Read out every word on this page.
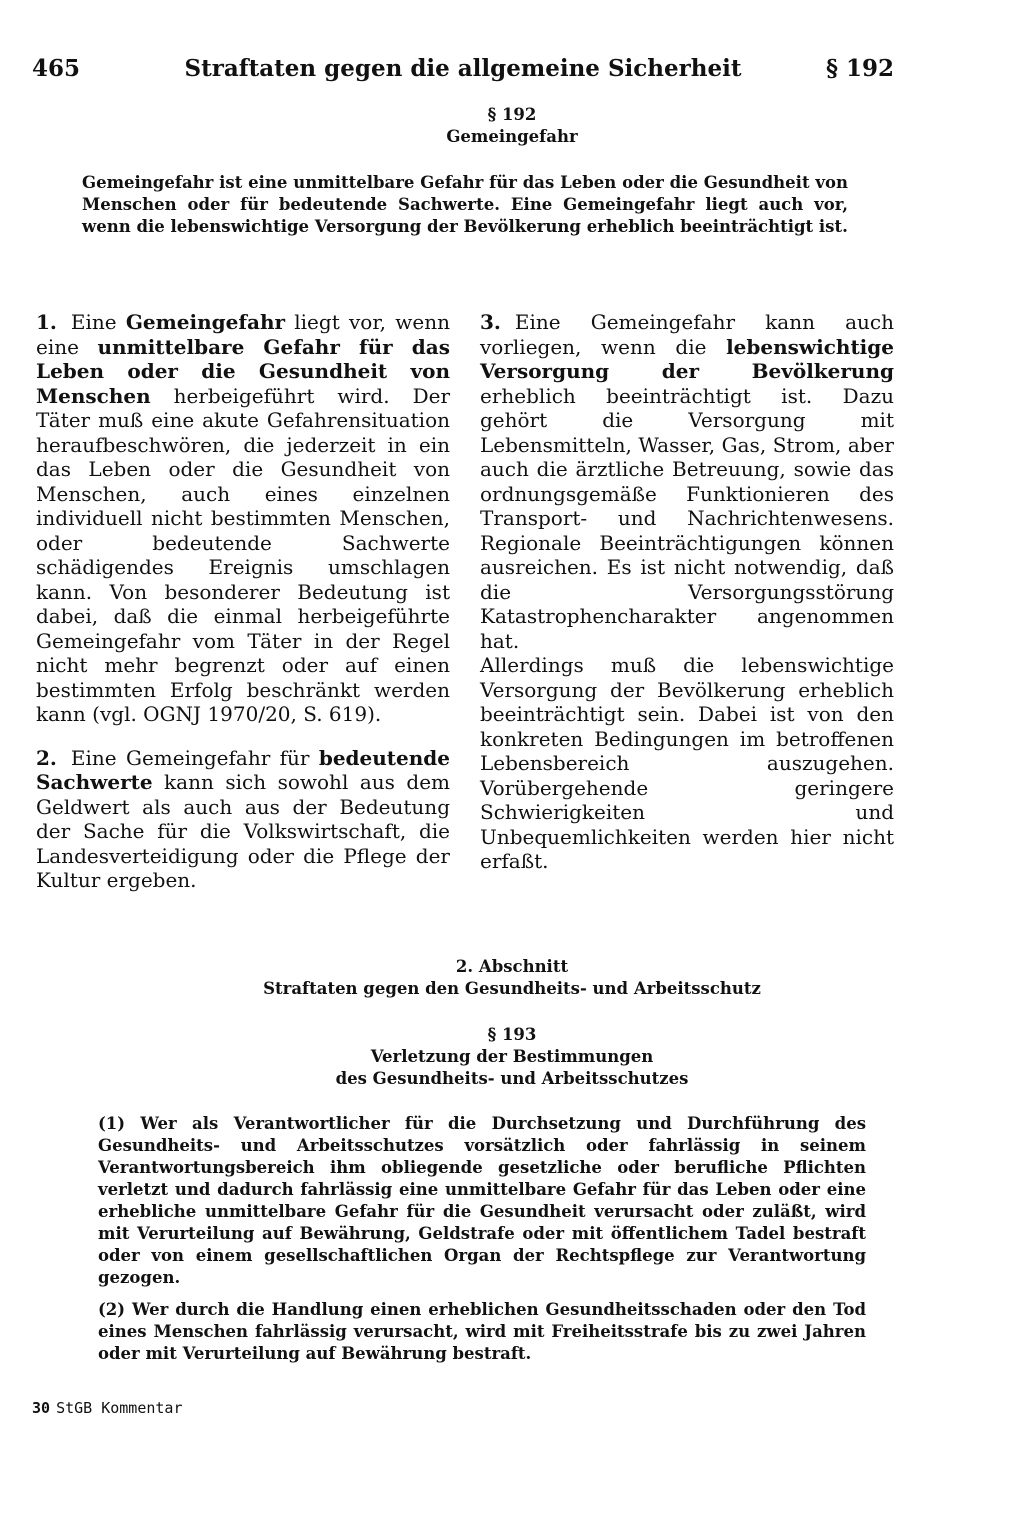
465	Straftaten gegen die allgemeine Sicherheit	§ 192
§ 192
Gemeingefahr

Gemeingefahr ist eine unmittelbare Gefahr für das Leben oder die Gesundheit von Menschen oder für bedeutende Sachwerte. Eine Gemeingefahr liegt auch vor, wenn die lebenswichtige Versorgung der Bevölkerung erheblich beeinträchtigt ist.

1. Eine Gemeingefahr liegt vor, wenn eine unmittelbare Gefahr für das Leben oder die Gesundheit von Menschen herbeigeführt wird. Der Täter muß eine akute Gefahrensituation heraufbeschwören, die jederzeit in ein das Leben oder die Gesundheit von Menschen, auch eines einzelnen individuell nicht bestimmten Menschen, oder bedeutende Sachwerte schädigendes Ereignis umschlagen kann. Von besonderer Bedeutung ist dabei, daß die einmal herbeigeführte Gemeingefahr vom Täter in der Regel nicht mehr begrenzt oder auf einen bestimmten Erfolg beschränkt werden kann (vgl. OGNJ 1970/20, S. 619).

2. Eine Gemeingefahr für bedeutende Sachwerte kann sich sowohl aus dem Geldwert als auch aus der Bedeutung der Sache für die Volkswirtschaft, die Landesverteidigung oder die Pflege der Kultur ergeben.

3. Eine Gemeingefahr kann auch vorliegen, wenn die lebenswichtige Versorgung der Bevölkerung erheblich beeinträchtigt ist. Dazu gehört die Versorgung mit Lebensmitteln, Wasser, Gas, Strom, aber auch die ärztliche Betreuung, sowie das ordnungsgemäße Funktionieren des Transport- und Nachrichtenwesens. Regionale Beeinträchtigungen können ausreichen. Es ist nicht notwendig, daß die Versorgungsstörung Katastrophencharakter angenommen hat.

Allerdings muß die lebenswichtige Versorgung der Bevölkerung erheblich beeinträchtigt sein. Dabei ist von den konkreten Bedingungen im betroffenen Lebensbereich auszugehen. Vorübergehende geringere Schwierigkeiten und Unbequemlichkeiten werden hier nicht erfaßt.

2. Abschnitt
Straftaten gegen den Gesundheits- und Arbeitsschutz
§ 193
Verletzung der Bestimmungen
des Gesundheits- und Arbeitsschutzes

(1) Wer als Verantwortlicher für die Durchsetzung und Durchführung des Gesundheits- und Arbeitsschutzes vorsätzlich oder fahrlässig in seinem Verantwortungsbereich ihm obliegende gesetzliche oder berufliche Pflichten verletzt und dadurch fahrlässig eine unmittelbare Gefahr für das Leben oder eine erhebliche unmittelbare Gefahr für die Gesundheit verursacht oder zuläßt, wird mit Verurteilung auf Bewährung, Geldstrafe oder mit öffentlichem Tadel bestraft oder von einem gesellschaftlichen Organ der Rechtspflege zur Verantwortung gezogen.

(2) Wer durch die Handlung einen erheblichen Gesundheitsschaden oder den Tod eines Menschen fahrlässig verursacht, wird mit Freiheitsstrafe bis zu zwei Jahren oder mit Verurteilung auf Bewährung bestraft.

30 StGB Kommentar
